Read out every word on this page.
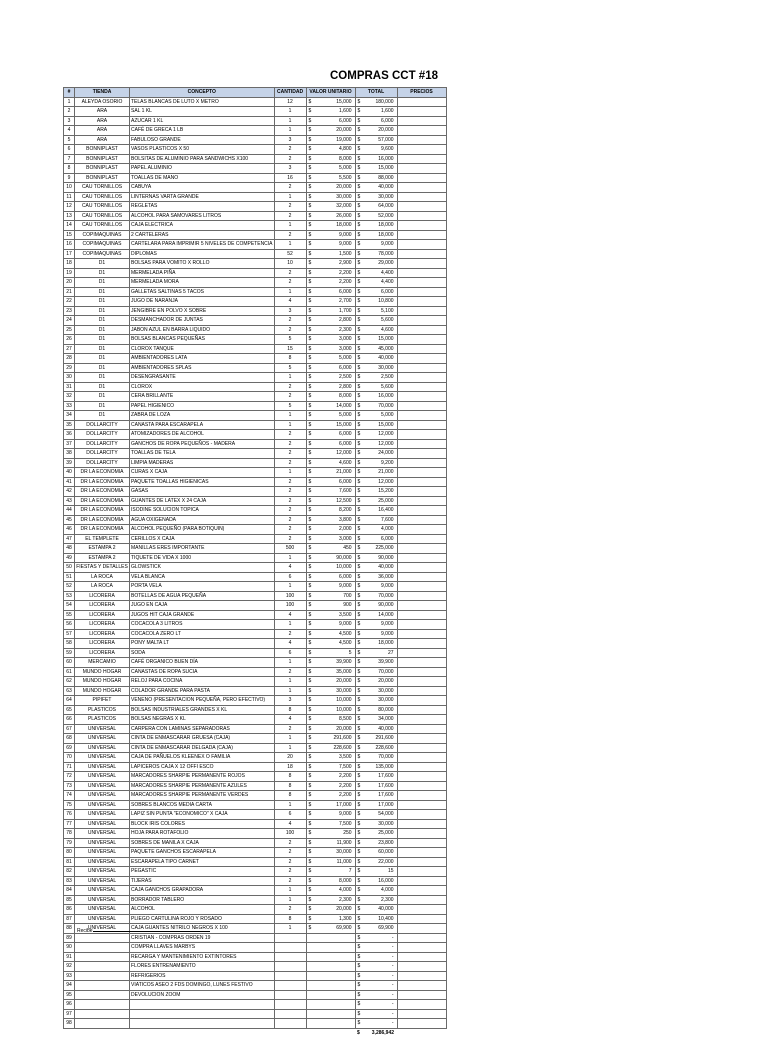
COMPRAS CCT #18
#	TIENDA	CONCEPTO	CANTIDAD	VALOR UNITARIO	TOTAL	PRECIOS
1	ALEYDA OSORIO	TELAS BLANCAS DE LUTO X METRO	12	$ 15,000	$ 180,000	

2	ARA	SAL 1 KL	1	$ 1,600	$ 1,600	

3	ARA	AZUCAR 1 KL	1	$ 6,000	$ 6,000	

4	ARA	CAFÉ DE GRECA 1 LB	1	$ 20,000	$ 20,000	

5	ARA	FABULOSO GRANDE	3	$ 19,000	$ 57,000	

6	BONNIPLAST	VASOS PLASTICOS X 50	2	$ 4,800	$ 9,600	

7	BONNIPLAST	BOLSITAS DE ALUMINIO PARA SANDWICHS X100	2	$ 8,000	$ 16,000	

8	BONNIPLAST	PAPEL ALUMINIO	3	$ 5,000	$ 15,000	

9	BONNIPLAST	TOALLAS DE MANO	16	$ 5,500	$ 88,000	

10	CAU TORNILLOS	CABUYA	2	$ 20,000	$ 40,000	

11	CAU TORNILLOS	LINTERNAS VARTA GRANDE	1	$ 30,000	$ 30,000	

12	CAU TORNILLOS	REGLETAS	2	$ 32,000	$ 64,000	

13	CAU TORNILLOS	ALCOHOL PARA SAMOVARES LITROS	2	$ 26,000	$ 52,000	

14	CAU TORNILLOS	CAJA ELECTRICA	1	$ 18,000	$ 18,000	

15	COPIMAQUINAS	2 CARTELERAS	2	$ 9,000	$ 18,000	

16	COPIMAQUINAS	CARTELARA PARA IMPRIMIR 5 NIVELES DE COMPETENCIA	1	$ 9,000	$ 9,000	

17	COPIMAQUINAS	DIPLOMAS	52	$ 1,500	$ 78,000	

18	D1	BOLSAS PARA VOMITO X ROLLO	10	$ 2,900	$ 29,000	

19	D1	MERMELADA PIÑA	2	$ 2,200	$ 4,400	

20	D1	MERMELADA MORA	2	$ 2,200	$ 4,400	

21	D1	GALLETAS SALTINAS 5 TACOS	1	$ 6,000	$ 6,000	

22	D1	JUGO DE NARANJA	4	$ 2,700	$ 10,800	

23	D1	JENGIBRE EN POLVO X SOBRE	3	$ 1,700	$ 5,100	

24	D1	DESMANCHADOR DE JUNTAS	2	$ 2,800	$ 5,600	

25	D1	JABON AZUL EN BARRA LIQUIDO	2	$ 2,300	$ 4,600	

26	D1	BOLSAS BLANCAS PEQUEÑAS	5	$ 3,000	$ 15,000	

27	D1	CLOROX TANQUE	15	$ 3,000	$ 45,000	

28	D1	AMBIENTADORES LATA	8	$ 5,000	$ 40,000	

29	D1	AMBIENTADORES SPLAS	5	$ 6,000	$ 30,000	

30	D1	DESENGRASANTE	1	$ 2,500	$ 2,500	

31	D1	CLOROX	2	$ 2,800	$ 5,600	

32	D1	CERA BRILLANTE	2	$ 8,000	$ 16,000	

33	D1	PAPEL HIGIENICO	5	$ 14,000	$ 70,000	

34	D1	ZABRA DE LOZA	1	$ 5,000	$ 5,000	

35	DOLLARCITY	CANASTA PARA ESCARAPELA	1	$ 15,000	$ 15,000	

36	DOLLARCITY	ATOMIZADORES DE ALCOHOL	2	$ 6,000	$ 12,000	

37	DOLLARCITY	GANCHOS DE ROPA PEQUEÑOS - MADERA	2	$ 6,000	$ 12,000	

38	DOLLARCITY	TOALLAS DE TELA	2	$ 12,000	$ 24,000	

39	DOLLARCITY	LIMPIA MADERAS	2	$ 4,600	$ 9,200	

40	DR LA ECONOMIA	CURAS X CAJA	1	$ 21,000	$ 21,000	

41	DR LA ECONOMIA	PAQUETE TOALLAS HIGIENICAS	2	$ 6,000	$ 12,000	

42	DR LA ECONOMIA	GASAS	2	$ 7,600	$ 15,200	

43	DR LA ECONOMIA	GUANTES DE LATEX X 24 CAJA	2	$ 12,500	$ 25,000	

44	DR LA ECONOMIA	ISODINE SOLUCION TOPICA	2	$ 8,200	$ 16,400	

45	DR LA ECONOMIA	AGUA OXIGENADA	2	$ 3,800	$ 7,600	

46	DR LA ECONOMIA	ALCOHOL PEQUEÑO (PARA BOTIQUIN)	2	$ 2,000	$ 4,000	

47	EL TEMPLETE	CERILLOS X CAJA	2	$ 3,000	$ 6,000	

48	ESTAMPA 2	MANILLAS ERES IMPORTANTE	500	$ 450	$ 225,000	

49	ESTAMPA 2	TIQUETE DE VIDA X 1000	1	$ 90,000	$ 90,000	

50	FIESTAS Y DETALLES	GLOWSTICK	4	$ 10,000	$ 40,000	

51	LA ROCA	VELA BLANCA	6	$ 6,000	$ 36,000	

52	LA ROCA	PORTA VELA	1	$ 9,000	$ 9,000	

53	LICORERA	BOTELLAS DE AGUA PEQUEÑA	100	$ 700	$ 70,000	

54	LICORERA	JUGO EN CAJA	100	$ 900	$ 90,000	

55	LICORERA	JUGOS HIT CAJA GRANDE	4	$ 3,500	$ 14,000	

56	LICORERA	COCACOLA 3 LITROS	1	$ 9,000	$ 9,000	

57	LICORERA	COCACOLA ZERO LT	2	$ 4,500	$ 9,000	

58	LICORERA	PONY MALTA LT	4	$ 4,500	$ 18,000	

59	LICORERA	SODA	6	$ 5	$ 27	

60	MERCAMIO	CAFÉ ORGANICO BUEN DÍA	1	$ 39,900	$ 39,900	

61	MUNDO HOGAR	CANASTAS DE ROPA SUCIA	2	$ 35,000	$ 70,000	

62	MUNDO HOGAR	RELOJ PARA COCINA	1	$ 20,000	$ 20,000	

63	MUNDO HOGAR	COLADOR GRANDE PARA PASTA	1	$ 30,000	$ 30,000	

64	PIPIFET	VENENO (PRESENTACION PEQUEÑA, PERO EFECTIVO)	3	$ 10,000	$ 30,000	

65	PLASTICOS	BOLSAS INDUSTRIALES GRANDES X KL	8	$ 10,000	$ 80,000	

66	PLASTICOS	BOLSAS NEGRAS X KL	4	$ 8,500	$ 34,000	

67	UNIVERSAL	CARPERA CON LAMINAS SEPARADORAS	2	$ 20,000	$ 40,000	

68	UNIVERSAL	CINTA DE ENMASCARAR GRUESA (CAJA)	1	$ 291,600	$ 291,600	

69	UNIVERSAL	CINTA DE ENMASCARAR DELGADA (CAJA)	1	$ 228,600	$ 228,600	

70	UNIVERSAL	CAJA DE PAÑUELOS KLEENEX O FAMILIA	20	$ 3,500	$ 70,000	

71	UNIVERSAL	LAPICEROS CAJA X 12 OFFI ESCO	18	$ 7,500	$ 135,000	

72	UNIVERSAL	MARCADORES SHARPIE PERMANENTE ROJOS	8	$ 2,200	$ 17,600	

73	UNIVERSAL	MARCADORES SHARPIE PERMANENTE AZULES	8	$ 2,200	$ 17,600	

74	UNIVERSAL	MARCADORES SHARPIE PERMANENTE VERDES	8	$ 2,200	$ 17,600	

75	UNIVERSAL	SOBRES BLANCOS MEDIA CARTA	1	$ 17,000	$ 17,000	

76	UNIVERSAL	LAPIZ SIN PUNTA "ECONOMICO" X CAJA	6	$ 9,000	$ 54,000	

77	UNIVERSAL	BLOCK IRIS COLORES	4	$ 7,500	$ 30,000	

78	UNIVERSAL	HOJA PARA ROTAFOLIO	100	$ 250	$ 25,000	

79	UNIVERSAL	SOBRES DE MANILA X CAJA	2	$ 11,900	$ 23,800	

80	UNIVERSAL	PAQUETE GANCHOS ESCARAPELA	2	$ 30,000	$ 60,000	

81	UNIVERSAL	ESCARAPELA TIPO CARNET	2	$ 11,000	$ 22,000	

82	UNIVERSAL	PEGASTIC	2	$ 7	$ 15	

83	UNIVERSAL	TIJERAS	2	$ 8,000	$ 16,000	

84	UNIVERSAL	CAJA GANCHOS GRAPADORA	1	$ 4,000	$ 4,000	

85	UNIVERSAL	BORRADOR TABLERO	1	$ 2,300	$ 2,300	

86	UNIVERSAL	ALCOHOL	2	$ 20,000	$ 40,000	

87	UNIVERSAL	PLIEGO CARTULINA ROJO Y ROSADO	8	$ 1,300	$ 10,400	

88	UNIVERSAL	CAJA GUANTES NITRILO NEGROS X 100	1	$ 69,900	$ 69,900	

89		CRISTIAN - COMPRAS ORDEN 19			$ -	

90		COMPRA LLAVES MARBYS			$ -	

91		RECARGA Y MANTENIMIENTO EXTINTORES			$ -	

92		FLORES ENTRENAMIENTO			$ -	

93		REFRIGERIOS			$ -	

94		VIATICOS ASEO 2 FDS DOMINGO, LUNES FESTIVO			$ -	

95		DEVOLUCION ZOOM			$ -	

96					$ -	

97					$ -	

98					$ -	

					$ 3,286,942	

Recibe
